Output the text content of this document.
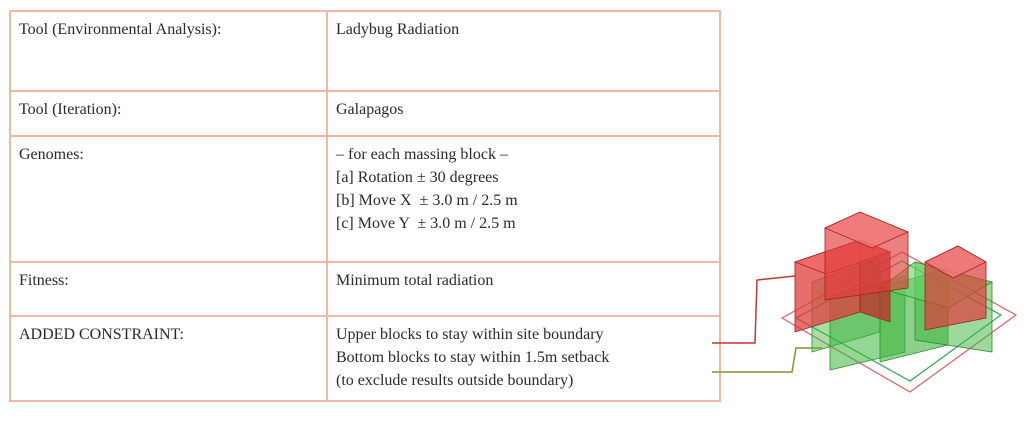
Tool (Environmental Analysis):	Ladybug Radiation

Tool (Iteration):	Galapagos

Genomes:	– for each massing block –
[a] Rotation ± 30 degrees
[b] Move X  ± 3.0 m / 2.5 m
[c] Move Y  ± 3.0 m / 2.5 m

Fitness:	Minimum total radiation

ADDED CONSTRAINT:	Upper blocks to stay within site boundary
Bottom blocks to stay within 1.5m setback
(to exclude results outside boundary)
